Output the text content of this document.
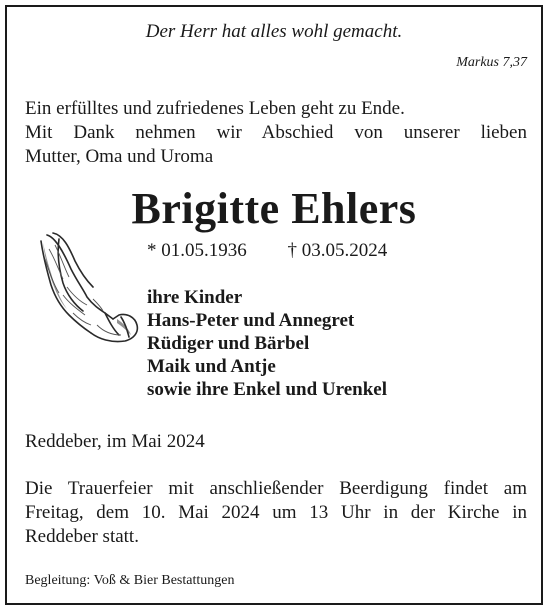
Der Herr hat alles wohl gemacht.

Markus 7,37

Ein erfülltes und zufriedenes Leben geht zu Ende.
Mit Dank nehmen wir Abschied von unserer lieben
Mutter, Oma und Uroma
Brigitte Ehlers
* 01.05.1936 † 03.05.2024
ihre Kinder
Hans-Peter und Annegret
Rüdiger und Bärbel
Maik und Antje
sowie ihre Enkel und Urenkel

Reddeber, im Mai 2024

Die Trauerfeier mit anschließender Beerdigung findet am
Freitag, dem 10. Mai 2024 um 13 Uhr in der Kirche in
Reddeber statt.

Begleitung: Voß & Bier Bestattungen
